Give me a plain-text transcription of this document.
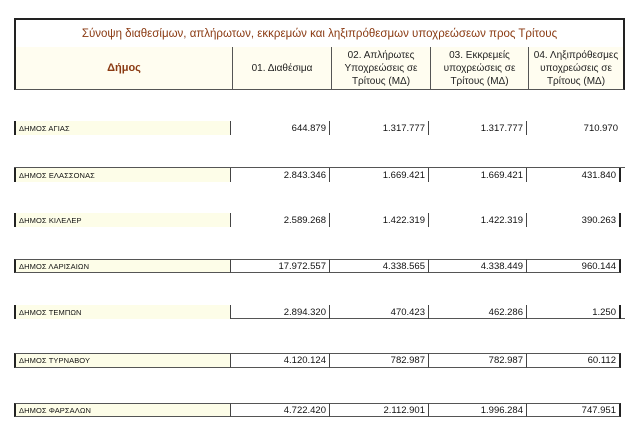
Σύνοψη διαθεσίμων, απλήρωτων, εκκρεμών και ληξιπρόθεσμων υποχρεώσεων προς Τρίτους
Δήμος	01. Διαθέσιμα
02. Απλήρωτες Υποχρεώσεις σε Τρίτους (ΜΔ)
03. Εκκρεμείς υποχρεώσεις σε Τρίτους (ΜΔ)
04. Ληξιπρόθεσμες υποχρεώσεις σε Τρίτους (ΜΔ)
ΔΗΜΟΣ ΑΓΙΑΣ	644.879	1.317.777	1.317.777	710.970
ΔΗΜΟΣ ΕΛΑΣΣΟΝΑΣ	2.843.346	1.669.421	1.669.421	431.840
ΔΗΜΟΣ ΚΙΛΕΛΕΡ	2.589.268	1.422.319	1.422.319	390.263
ΔΗΜΟΣ ΛΑΡΙΣΑΙΩΝ	17.972.557	4.338.565	4.338.449	960.144
ΔΗΜΟΣ ΤΕΜΠΩΝ	2.894.320	470.423	462.286	1.250
ΔΗΜΟΣ ΤΥΡΝΑΒΟΥ	4.120.124	782.987	782.987	60.112
ΔΗΜΟΣ ΦΑΡΣΑΛΩΝ	4.722.420	2.112.901	1.996.284	747.951
